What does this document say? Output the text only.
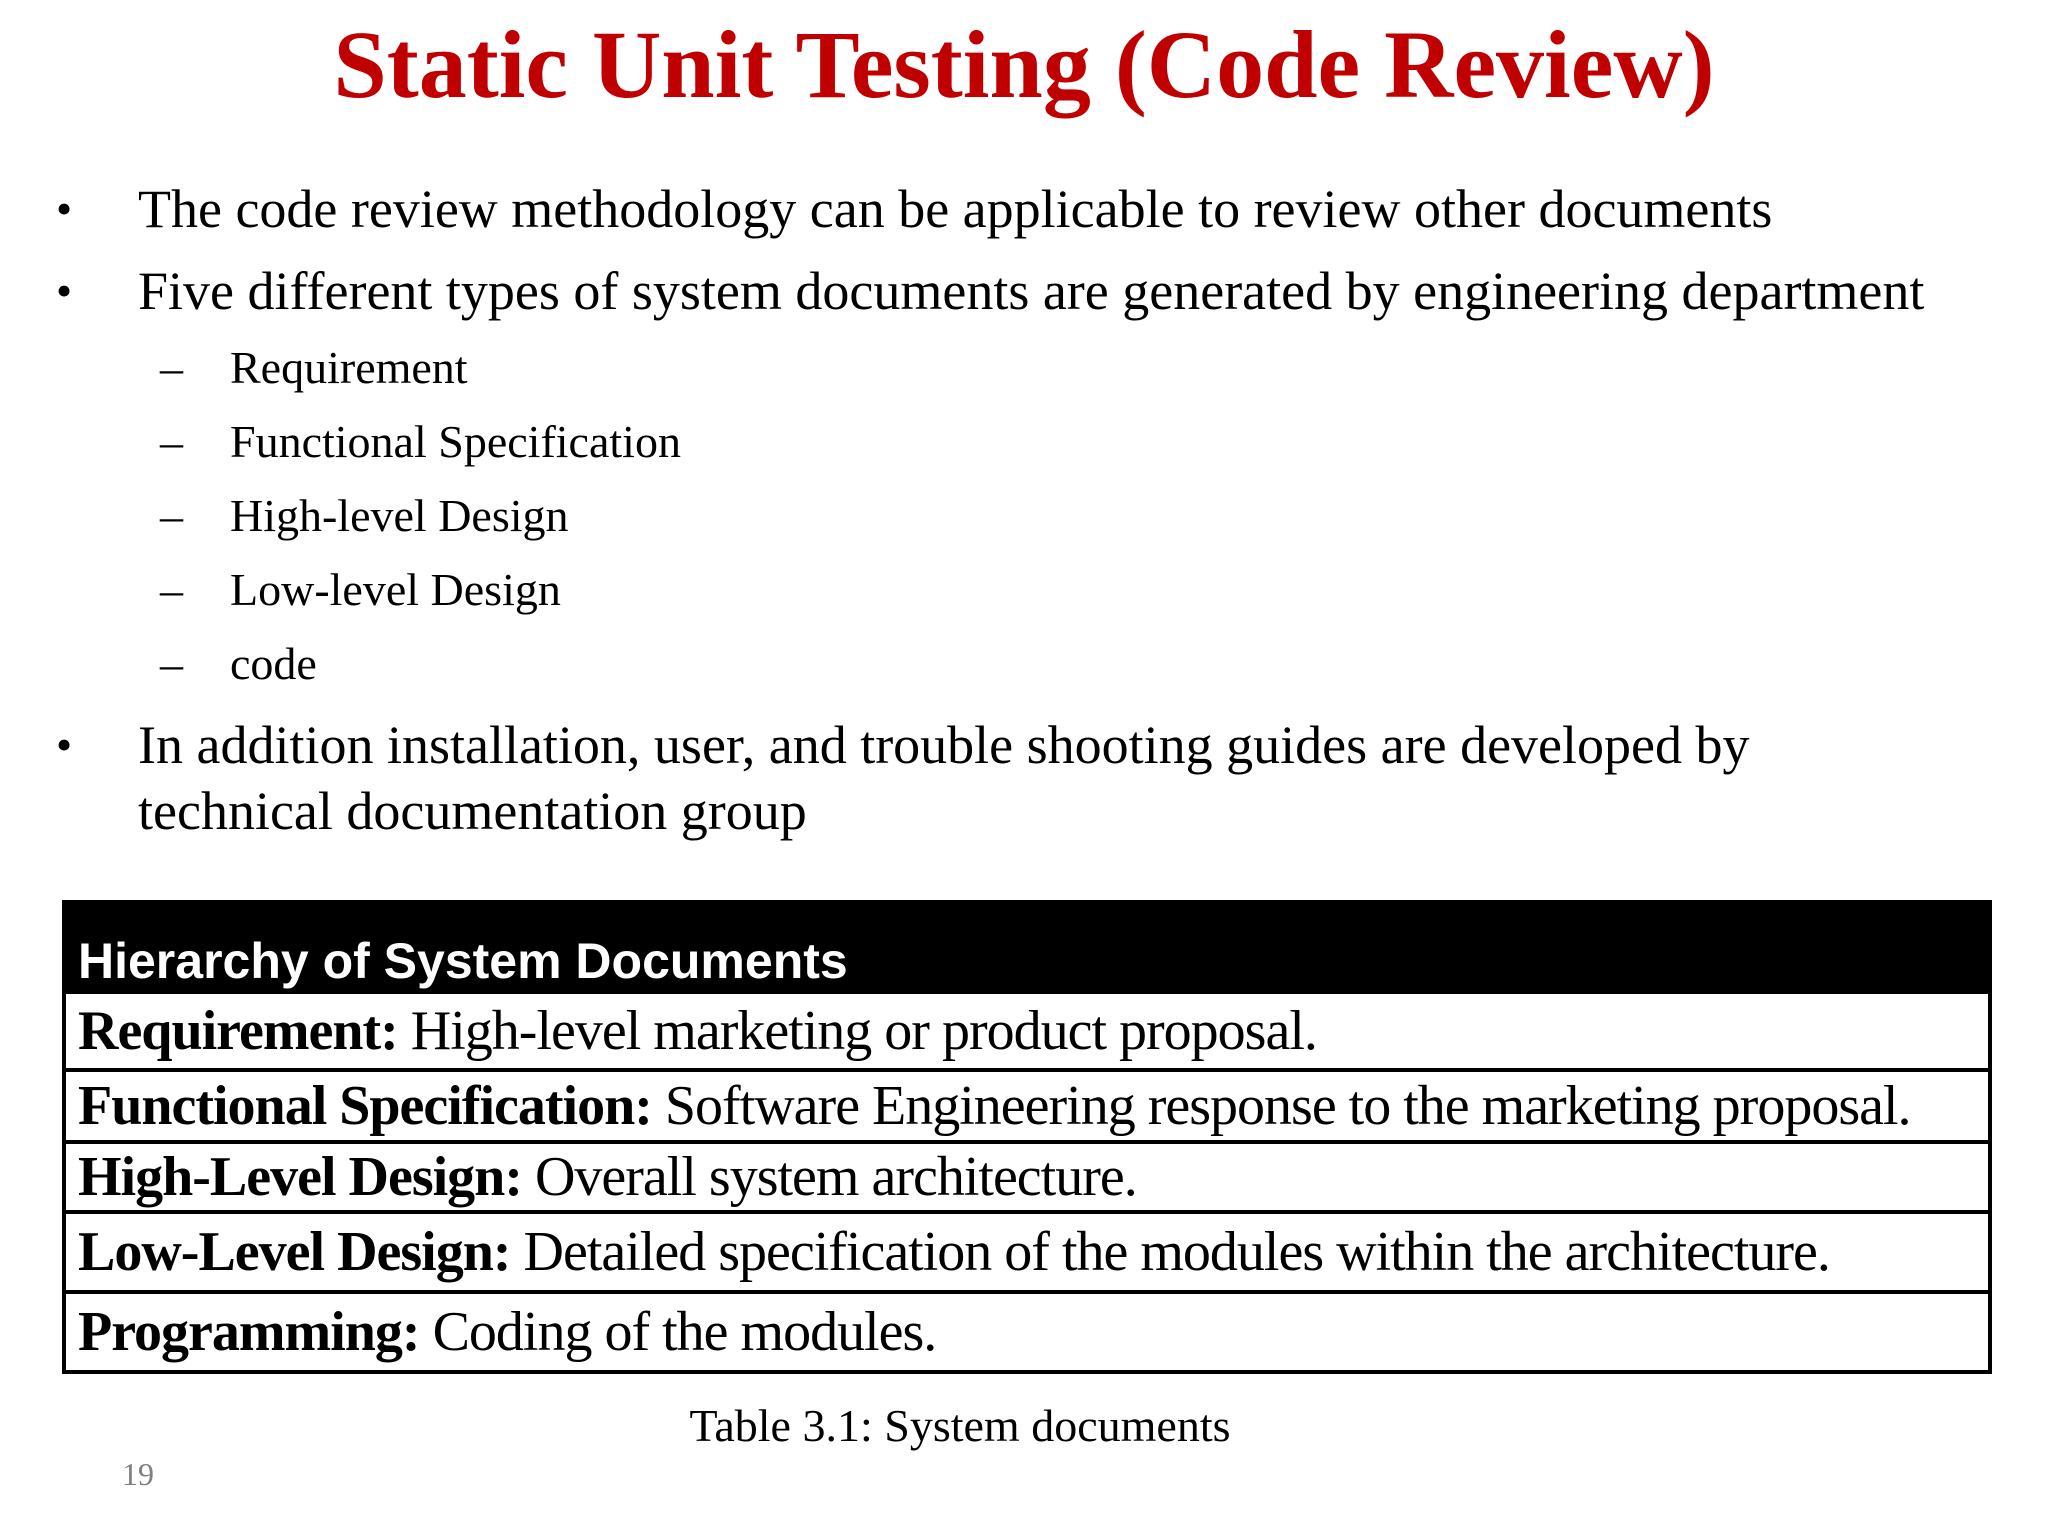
Static Unit Testing (Code Review)
• The code review methodology can be applicable to review other documents
• Five different types of system documents are generated by engineering department
– Requirement
– Functional Specification
– High-level Design
– Low-level Design
– code
• In addition installation, user, and trouble shooting guides are developed by
technical documentation group
Hierarchy of System Documents
Requirement: High-level marketing or product proposal.
Functional Specification: Software Engineering response to the marketing proposal.
High-Level Design: Overall system architecture.
Low-Level Design: Detailed specification of the modules within the architecture.
Programming: Coding of the modules.
Table 3.1: System documents
19
